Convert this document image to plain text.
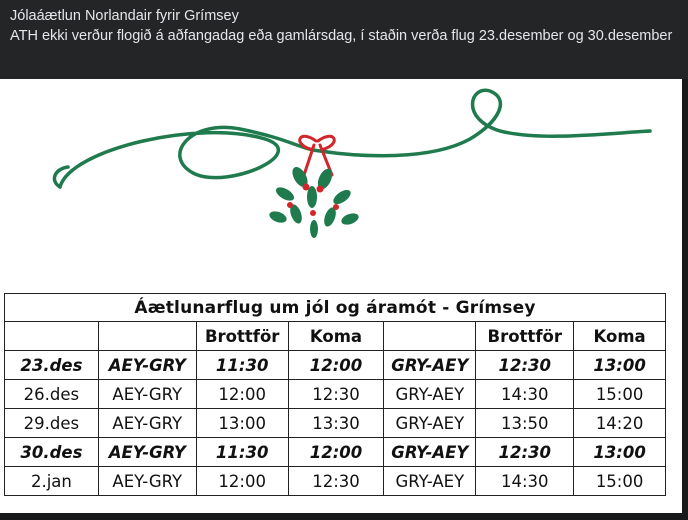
Jólaáætlun Norlandair fyrir Grímsey
ATH ekki verður flogið á aðfangadag eða gamlársdag, í staðin verða flug 23.desember og 30.desember
Áætlunarflug um jól og áramót - Grímsey						
		Brottför	Koma		Brottför	Koma
23.des	AEY-GRY	11:30	12:00	GRY-AEY	12:30	13:00
26.des	AEY-GRY	12:00	12:30	GRY-AEY	14:30	15:00
29.des	AEY-GRY	13:00	13:30	GRY-AEY	13:50	14:20
30.des	AEY-GRY	11:30	12:00	GRY-AEY	12:30	13:00
2.jan	AEY-GRY	12:00	12:30	GRY-AEY	14:30	15:00
